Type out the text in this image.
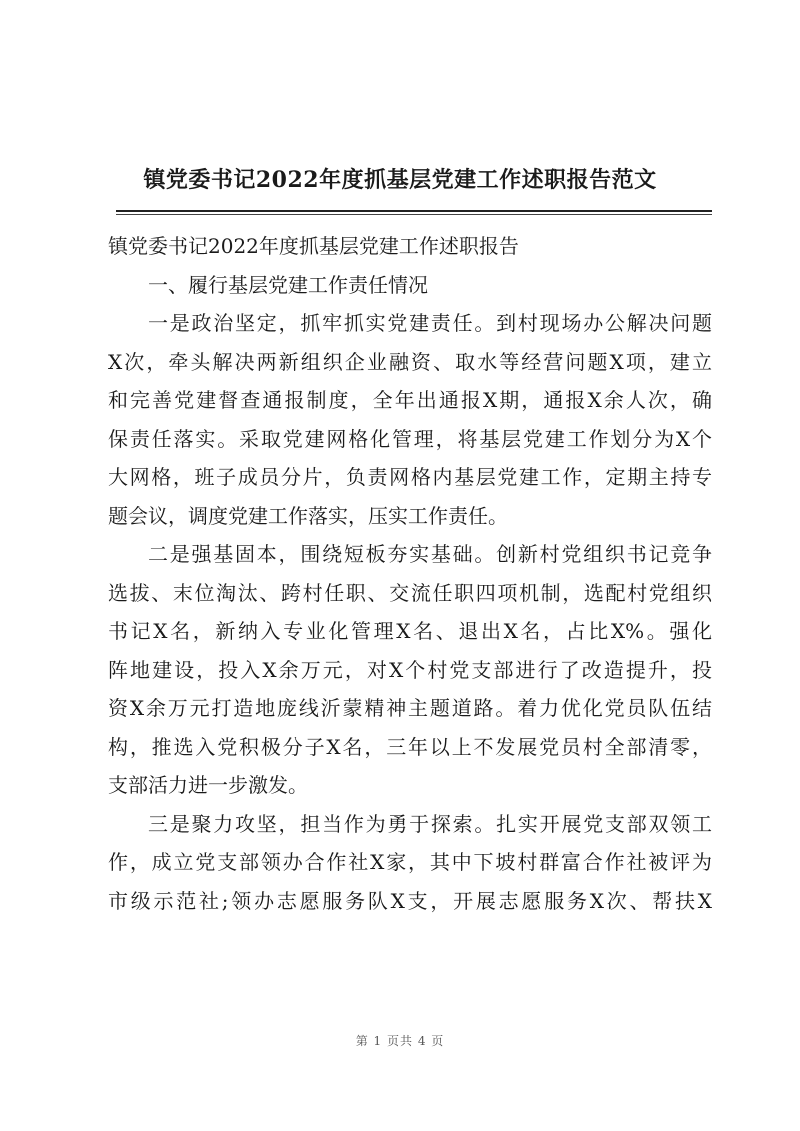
镇党委书记2022年度抓基层党建工作述职报告范文
镇党委书记2022年度抓基层党建工作述职报告
一、履行基层党建工作责任情况
一是政治坚定，抓牢抓实党建责任。到村现场办公解决问题
X次，牵头解决两新组织企业融资、取水等经营问题X项，建立
和完善党建督查通报制度，全年出通报X期，通报X余人次，确
保责任落实。采取党建网格化管理，将基层党建工作划分为X个
大网格，班子成员分片，负责网格内基层党建工作，定期主持专
题会议，调度党建工作落实，压实工作责任。
二是强基固本，围绕短板夯实基础。创新村党组织书记竞争
选拔、末位淘汰、跨村任职、交流任职四项机制，选配村党组织
书记X名，新纳入专业化管理X名、退出X名，占比X%。强化
阵地建设，投入X余万元，对X个村党支部进行了改造提升，投
资X余万元打造地庞线沂蒙精神主题道路。着力优化党员队伍结
构，推选入党积极分子X名，三年以上不发展党员村全部清零，
支部活力进一步激发。
三是聚力攻坚，担当作为勇于探索。扎实开展党支部双领工
作，成立党支部领办合作社X家，其中下坡村群富合作社被评为
市级示范社;领办志愿服务队X支，开展志愿服务X次、帮扶X
第 1 页共 4 页
